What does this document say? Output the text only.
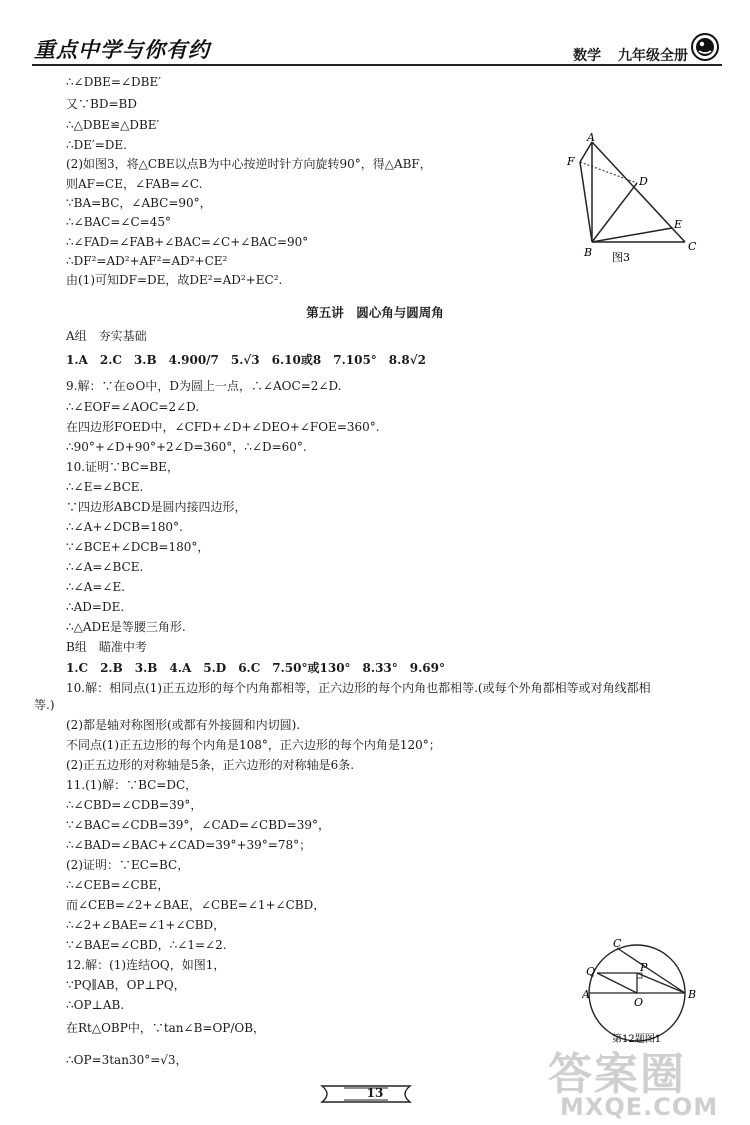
重点中学与你有约	数学 九年级全册
∴∠DBE=∠DBE′
又∵BD=BD
∴△DBE≌△DBE′
∴DE′=DE.
(2)如图3，将△CBE以点B为中心按逆时针方向旋转90°，得△ABF，
则AF=CE，∠FAB=∠C.
∵BA=BC，∠ABC=90°，
∴∠BAC=∠C=45°
∴∠FAD=∠FAB+∠BAC=∠C+∠BAC=90°
∴DF²=AD²+AF²=AD²+CE²
由(1)可知DF=DE，故DE²=AD²+EC².
A
F
D
E
C
B 图3
第五讲　圆心角与圆周角
A组　夯实基础
1.A　2.C　3.B　4.900/7　5.√3　6.10或8　7.105°　8.8√2
9.解：∵在⊙O中，D为圆上一点，∴∠AOC=2∠D.
∴∠EOF=∠AOC=2∠D.
在四边形FOED中，∠CFD+∠D+∠DEO+∠FOE=360°.
∴90°+∠D+90°+2∠D=360°，∴∠D=60°.
10.证明∵BC=BE，
∴∠E=∠BCE.
∵四边形ABCD是圆内接四边形，
∴∠A+∠DCB=180°.
∵∠BCE+∠DCB=180°，
∴∠A=∠BCE.
∴∠A=∠E.
∴AD=DE.
∴△ADE是等腰三角形.
B组　瞄准中考
1.C　2.B　3.B　4.A　5.D　6.C　7.50°或130°　8.33°　9.69°
10.解：相同点(1)正五边形的每个内角都相等，正六边形的每个内角也都相等.(或每个外角都相等或对角线都相
等.)
(2)都是轴对称图形(或都有外接圆和内切圆).
不同点(1)正五边形的每个内角是108°，正六边形的每个内角是120°；
(2)正五边形的对称轴是5条，正六边形的对称轴是6条.
11.(1)解：∵BC=DC，
∴∠CBD=∠CDB=39°，
∵∠BAC=∠CDB=39°，∠CAD=∠CBD=39°，
∴∠BAD=∠BAC+∠CAD=39°+39°=78°；
(2)证明：∵EC=BC，
∴∠CEB=∠CBE，
而∠CEB=∠2+∠BAE，∠CBE=∠1+∠CBD，
∴∠2+∠BAE=∠1+∠CBD，
∵∠BAE=∠CBD，∴∠1=∠2.
12.解：(1)连结OQ，如图1，
∵PQ∥AB，OP⊥PQ，
∴OP⊥AB.
在Rt△OBP中，∵tan∠B=OP/OB，
∴OP=3tan30°=√3，
C
Q	P
A
O
B
第12题图1
答案圈
MXQE.COM
13
